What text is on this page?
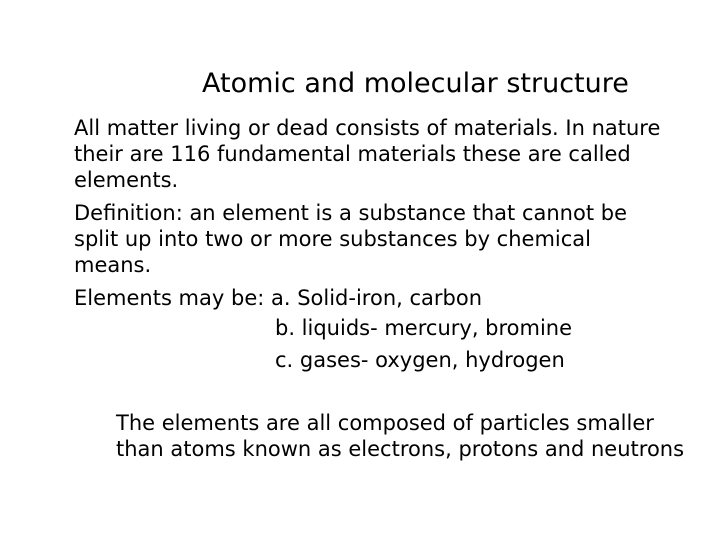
Atomic and molecular structure
All matter living or dead consists of materials. In nature their are 116 fundamental materials these are called elements.
Definition: an element is a substance that cannot be split up into two or more substances by chemical means.
Elements may be: a. Solid-iron, carbon
b. liquids- mercury, bromine
c. gases- oxygen, hydrogen
The elements are all composed of particles smaller than atoms known as electrons, protons and neutrons
